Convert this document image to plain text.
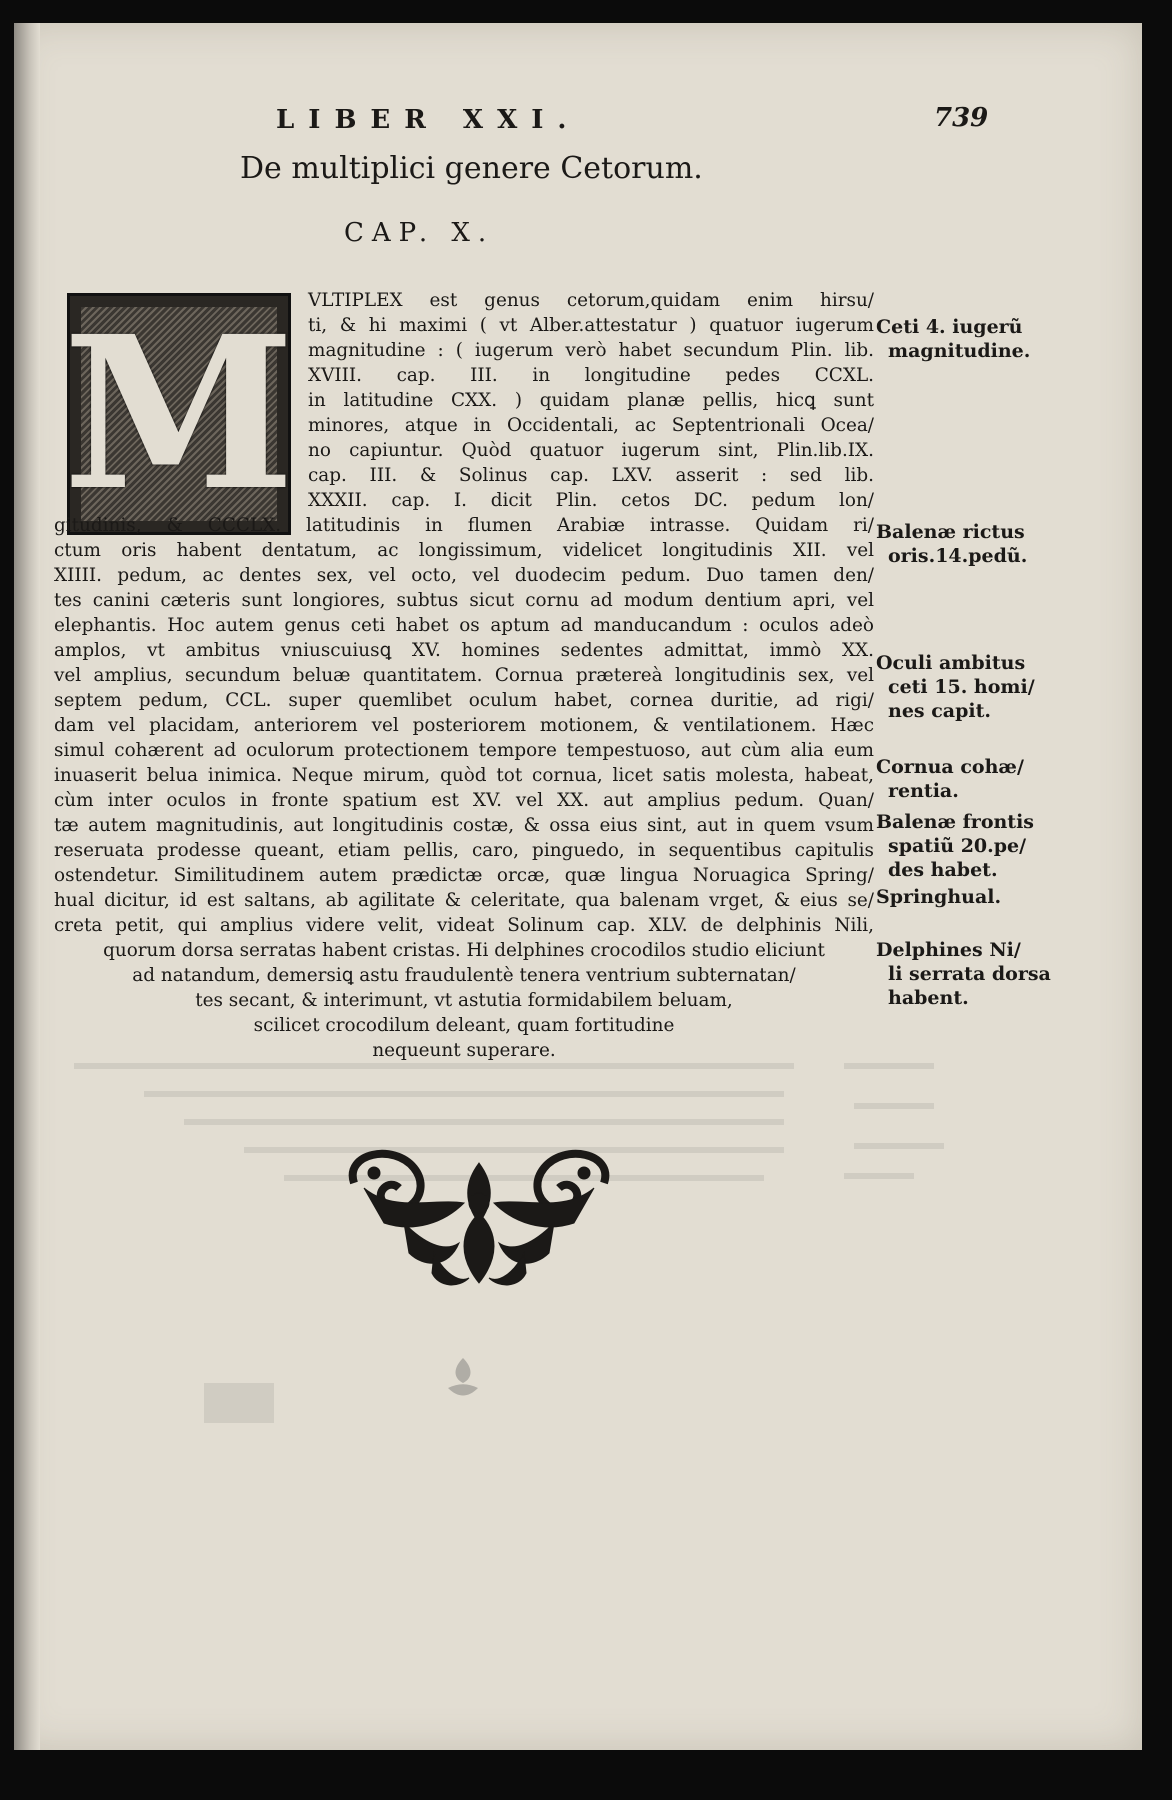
LIBER XXI.	739
De multiplici genere Cetorum.
CAP. X.
M VLTIPLEX est genus cetorum,quidam enim hirsu/
ti, & hi maximi ( vt Alber.attestatur ) quatuor iugerum
magnitudine : ( iugerum verò habet secundum Plin. lib.
XVIII. cap. III. in longitudine pedes CCXL.
in latitudine CXX. ) quidam planæ pellis, hicꝗ sunt
minores, atque in Occidentali, ac Septentrionali Ocea/
no capiuntur. Quòd quatuor iugerum sint, Plin.lib.IX.
cap. III. & Solinus cap. LXV. asserit : sed lib.
XXXII. cap. I. dicit Plin. cetos DC. pedum lon/
gitudinis, & CCCLX. latitudinis in flumen Arabiæ intrasse. Quidam ri/
ctum oris habent dentatum, ac longissimum, videlicet longitudinis XII. vel
XIIII. pedum, ac dentes sex, vel octo, vel duodecim pedum. Duo tamen den/
tes canini cæteris sunt longiores, subtus sicut cornu ad modum dentium apri, vel
elephantis. Hoc autem genus ceti habet os aptum ad manducandum : oculos adeò
amplos, vt ambitus vniuscuiusꝗ XV. homines sedentes admittat, immò XX.
vel amplius, secundum beluæ quantitatem. Cornua prætereà longitudinis sex, vel
septem pedum, CCL. super quemlibet oculum habet, cornea duritie, ad rigi/
dam vel placidam, anteriorem vel posteriorem motionem, & ventilationem. Hæc
simul cohærent ad oculorum protectionem tempore tempestuoso, aut cùm alia eum
inuaserit belua inimica. Neque mirum, quòd tot cornua, licet satis molesta, habeat,
cùm inter oculos in fronte spatium est XV. vel XX. aut amplius pedum. Quan/
tæ autem magnitudinis, aut longitudinis costæ, & ossa eius sint, aut in quem vsum
reseruata prodesse queant, etiam pellis, caro, pinguedo, in sequentibus capitulis
ostendetur. Similitudinem autem prædictæ orcæ, quæ lingua Noruagica Spring/
hual dicitur, id est saltans, ab agilitate & celeritate, qua balenam vrget, & eius se/
creta petit, qui amplius videre velit, videat Solinum cap. XLV. de delphinis Nili,
quorum dorsa serratas habent cristas. Hi delphines crocodilos studio eliciunt
ad natandum, demersiꝗ astu fraudulentè tenera ventrium subternatan/
tes secant, & interimunt, vt astutia formidabilem beluam,
scilicet crocodilum deleant, quam fortitudine
nequeunt superare.
Ceti 4. iugerũ
magnitudine.
Balenæ rictus
oris.14.pedũ.
Oculi ambitus
ceti 15. homi/
nes capit.
Cornua cohæ/
rentia.
Balenæ frontis
spatiũ 20.pe/
des habet.
Springhual.
Delphines Ni/
li serrata dorsa
habent.
